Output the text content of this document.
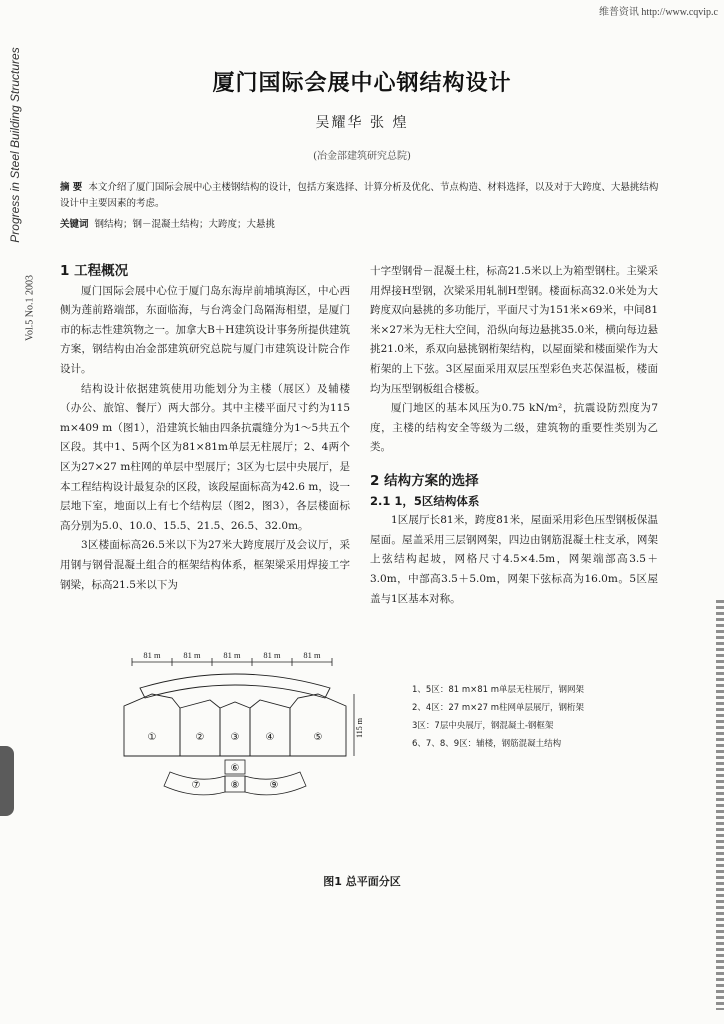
维普资讯 http://www.cqvip.c
Progress in Steel Building Structures
Vol.5 No.1 2003
厦门国际会展中心钢结构设计
吴耀华 张 煌
(冶金部建筑研究总院)
摘 要 本文介绍了厦门国际会展中心主楼钢结构的设计，包括方案选择、计算分析及优化、节点构造、材料选择，以及对于大跨度、大悬挑结构设计中主要因素的考虑。
关键词 钢结构；钢－混凝土结构；大跨度；大悬挑

1 工程概况

厦门国际会展中心位于厦门岛东海岸前埔填海区，中心西侧为莲前路端部，东面临海，与台湾金门岛隔海相望，是厦门市的标志性建筑物之一。加拿大B＋H建筑设计事务所提供建筑方案，钢结构由冶金部建筑研究总院与厦门市建筑设计院合作设计。

结构设计依据建筑使用功能划分为主楼（展区）及辅楼（办公、旅馆、餐厅）两大部分。其中主楼平面尺寸约为115 m×409 m（图1），沿建筑长轴由四条抗震缝分为1～5共五个区段。其中1、5两个区为81×81m单层无柱展厅；2、4两个区为27×27 m柱网的单层中型展厅；3区为七层中央展厅，是本工程结构设计最复杂的区段，该段屋面标高为42.6 m，设一层地下室，地面以上有七个结构层（图2，图3），各层楼面标高分别为5.0、10.0、15.5、21.5、26.5、32.0m。

3区楼面标高26.5米以下为27米大跨度展厅及会议厅，采用钢与钢骨混凝土组合的框架结构体系，框架梁采用焊接工字钢梁，标高21.5米以下为

十字型钢骨－混凝土柱，标高21.5米以上为箱型钢柱。主梁采用焊接H型钢，次梁采用轧制H型钢。楼面标高32.0米处为大跨度双向悬挑的多功能厅，平面尺寸为151米×69米，中间81米×27米为无柱大空间，沿纵向每边悬挑35.0米，横向每边悬挑21.0米，系双向悬挑钢桁架结构，以屋面梁和楼面梁作为大桁架的上下弦。3区屋面采用双层压型彩色夹芯保温板，楼面均为压型钢板组合楼板。

厦门地区的基本风压为0.75 kN/m²，抗震设防烈度为7度，主楼的结构安全等级为二级，建筑物的重要性类别为乙类。

2 结构方案的选择

2.1 1，5区结构体系

1区展厅长81米，跨度81米，屋面采用彩色压型钢板保温屋面。屋盖采用三层钢网架，四边由钢筋混凝土柱支承，网架上弦结构起坡，网格尺寸4.5×4.5m，网架端部高3.5＋3.0m，中部高3.5＋5.0m，网架下弦标高为16.0m。5区屋盖与1区基本对称。

81 m	81 m	81 m	81 m	81 m
115 m
①	②	③	④	⑤
⑥
⑦	⑧	⑨
1、5区：81 m×81 m单层无柱展厅，钢网架
2、4区：27 m×27 m柱网单层展厅，钢桁架
3区：7层中央展厅，钢混凝土-钢框架
6、7、8、9区：辅楼，钢筋混凝土结构
图1 总平面分区
